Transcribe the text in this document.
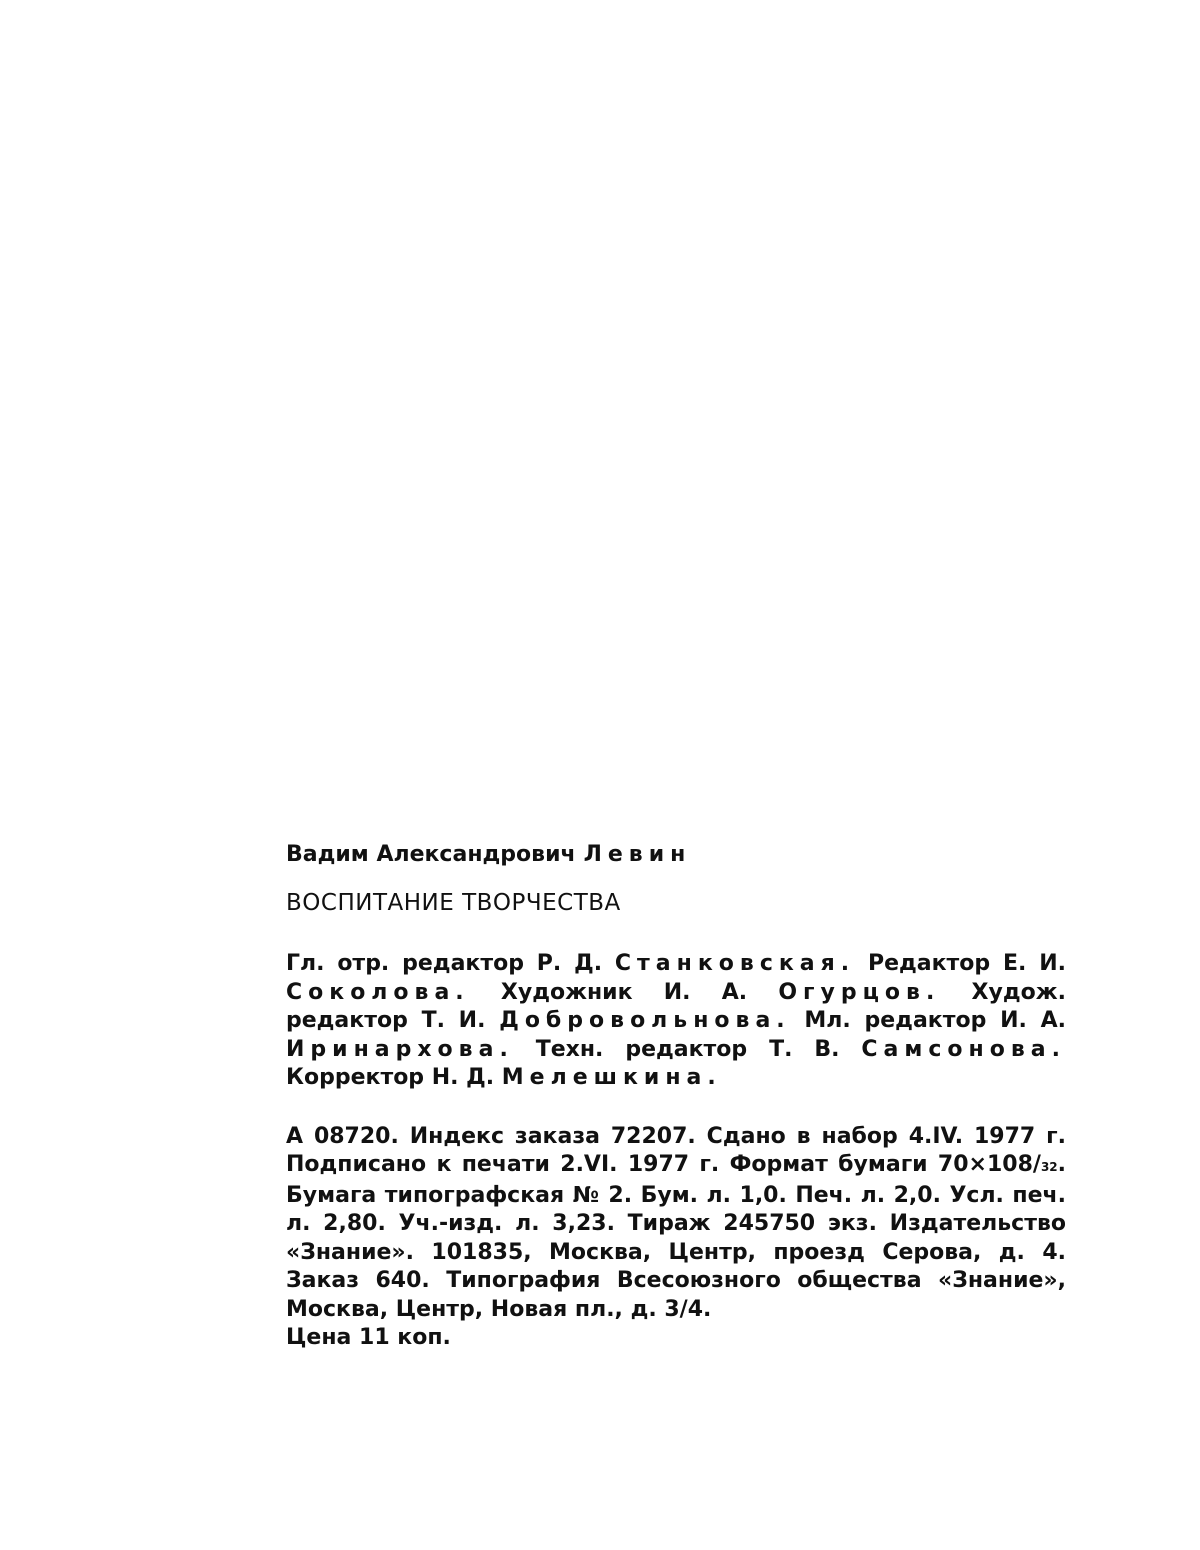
Вадим Александрович Левин

ВОСПИТАНИЕ ТВОРЧЕСТВА

Гл. отр. редактор Р. Д. Станковская. Редактор Е. И. Соколова. Художник И. А. Огурцов. Худож. редактор Т. И. Добровольнова. Мл. редактор И. А. Иринархова. Техн. редактор Т. В. Самсонова. Корректор Н. Д. Мелешкина.
А 08720. Индекс заказа 72207. Сдано в набор 4.IV. 1977 г. Подписано к печати 2.VI. 1977 г. Формат бумаги 70×108/32. Бумага типографская № 2. Бум. л. 1,0. Печ. л. 2,0. Усл. печ. л. 2,80. Уч.-изд. л. 3,23. Тираж 245750 экз. Издательство «Знание». 101835, Москва, Центр, проезд Серова, д. 4. Заказ 640. Типография Всесоюзного общества «Знание», Москва, Центр, Новая пл., д. 3/4.
Цена 11 коп.
